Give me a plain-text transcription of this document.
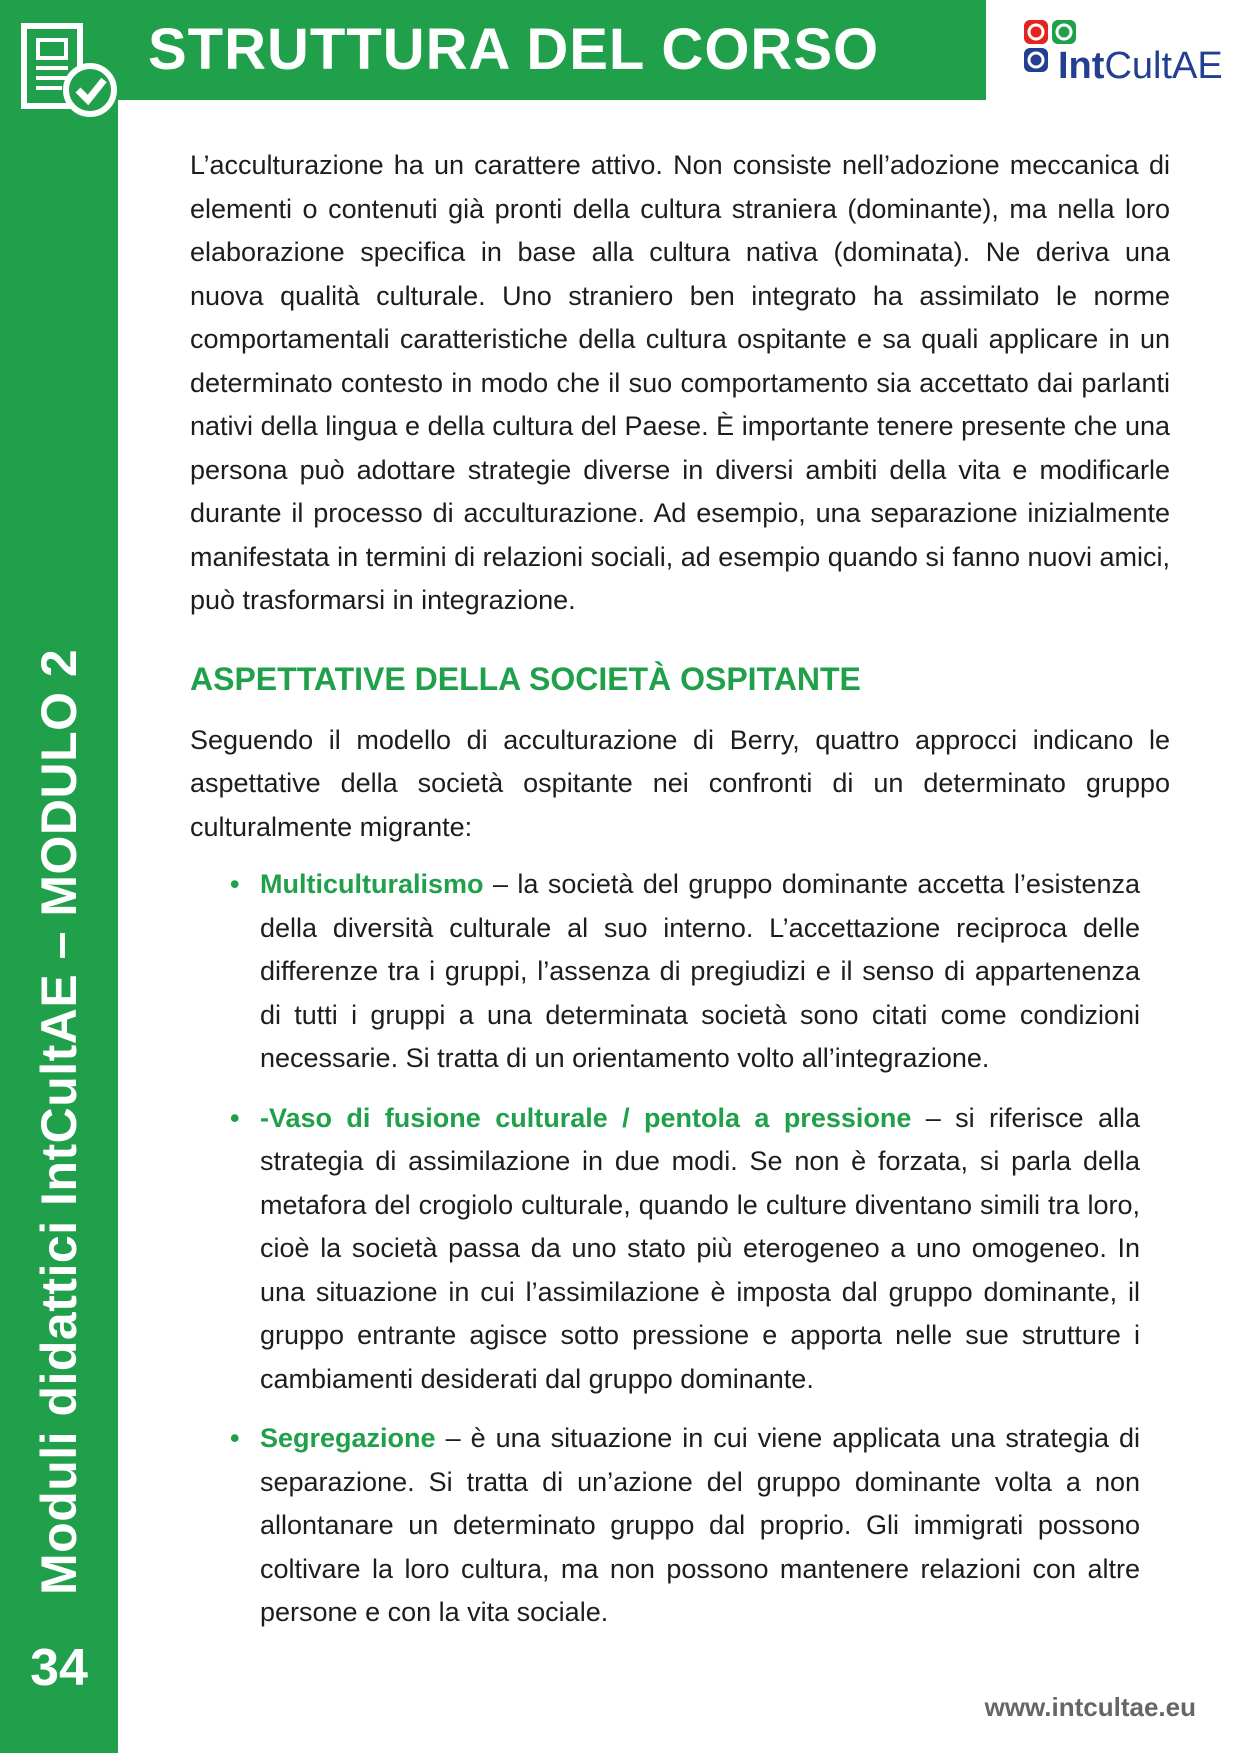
Moduli didattici IntCultAE – MODULO 2
34
STRUTTURA DEL CORSO	IntCultAE

L’acculturazione ha un carattere attivo. Non consiste nell’adozione meccanica di elementi o contenuti già pronti della cultura straniera (dominante), ma nella loro elaborazione specifica in base alla cultura nativa (dominata). Ne deriva una nuova qualità culturale. Uno straniero ben integrato ha assimilato le norme comportamentali caratteristiche della cultura ospitante e sa quali applicare in un determinato contesto in modo che il suo comportamento sia accettato dai parlanti nativi della lingua e della cultura del Paese. È importante tenere presente che una persona può adottare strategie diverse in diversi ambiti della vita e modificarle durante il processo di acculturazione. Ad esempio, una separazione inizialmente manifestata in termini di relazioni sociali, ad esempio quando si fanno nuovi amici, può trasformarsi in integrazione.

ASPETTATIVE DELLA SOCIETÀ OSPITANTE

Seguendo il modello di acculturazione di Berry, quattro approcci indicano le aspettative della società ospitante nei confronti di un determinato gruppo culturalmente migrante:

• Multiculturalismo – la società del gruppo dominante accetta l’esistenza della diversità culturale al suo interno. L’accettazione reciproca delle differenze tra i gruppi, l’assenza di pregiudizi e il senso di appartenenza di tutti i gruppi a una determinata società sono citati come condizioni necessarie. Si tratta di un orientamento volto all’integrazione.
• -Vaso di fusione culturale / pentola a pressione – si riferisce alla strategia di assimilazione in due modi. Se non è forzata, si parla della metafora del crogiolo culturale, quando le culture diventano simili tra loro, cioè la società passa da uno stato più eterogeneo a uno omogeneo. In una situazione in cui l’assimilazione è imposta dal gruppo dominante, il gruppo entrante agisce sotto pressione e apporta nelle sue strutture i cambiamenti desiderati dal gruppo dominante.
• Segregazione – è una situazione in cui viene applicata una strategia di separazione. Si tratta di un’azione del gruppo dominante volta a non allontanare un determinato gruppo dal proprio. Gli immigrati possono coltivare la loro cultura, ma non possono mantenere relazioni con altre persone e con la vita sociale.
www.intcultae.eu
